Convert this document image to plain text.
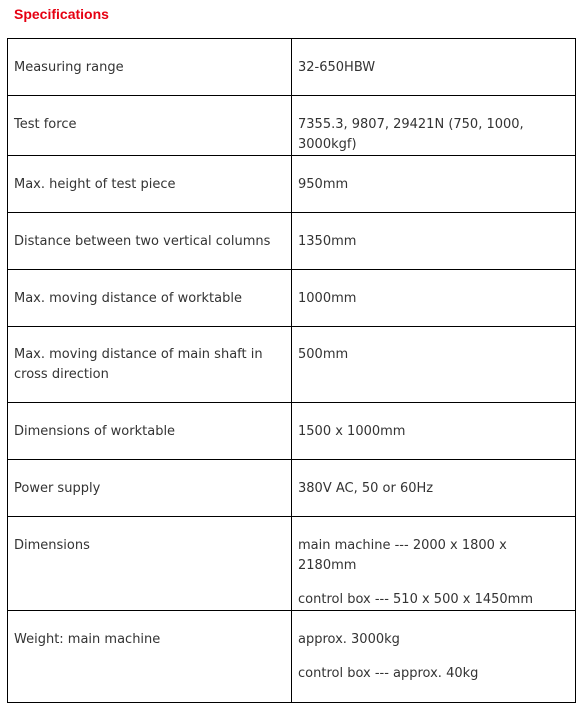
Specifications
Measuring range	32-650HBW

Test force	7355.3, 9807, 29421N (750, 1000, 3000kgf)

Max. height of test piece	950mm

Distance between two vertical columns	1350mm

Max. moving distance of worktable	1000mm

Max. moving distance of main shaft in cross direction	500mm

Dimensions of worktable	1500 x 1000mm

Power supply	380V AC, 50 or 60Hz

Dimensions	main machine --- 2000 x 1800 x 2180mm
control box --- 510 x 500 x 1450mm

Weight: main machine	approx. 3000kg
control box --- approx. 40kg
